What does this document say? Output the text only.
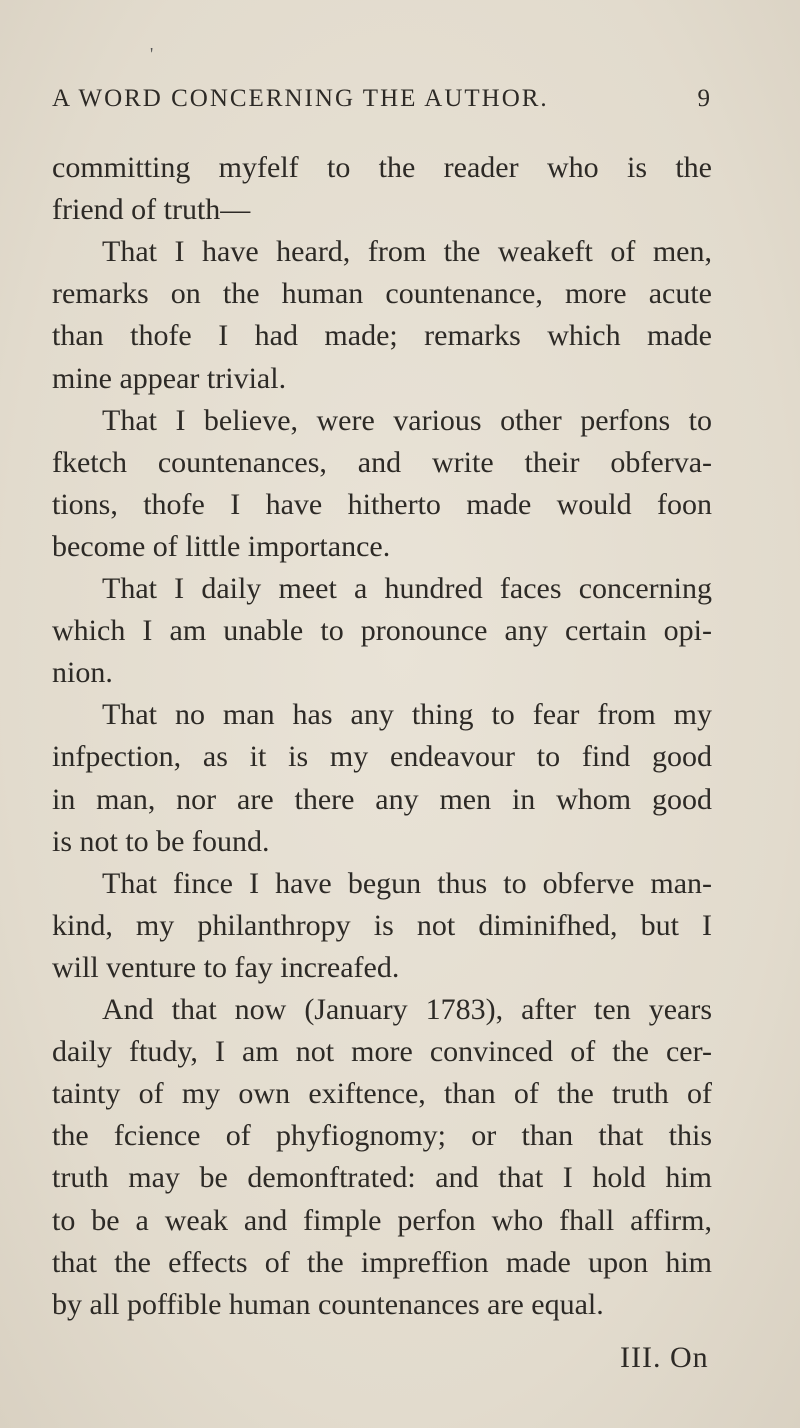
'
A WORD CONCERNING THE AUTHOR.	9
committing myfelf to the reader who is the
friend of truth—
That I have heard, from the weakeft of men,
remarks on the human countenance, more acute
than thofe I had made; remarks which made
mine appear trivial.
That I believe, were various other perfons to
fketch countenances, and write their obferva-
tions, thofe I have hitherto made would foon
become of little importance.
That I daily meet a hundred faces concerning
which I am unable to pronounce any certain opi-
nion.
That no man has any thing to fear from my
infpection, as it is my endeavour to find good
in man, nor are there any men in whom good
is not to be found.
That fince I have begun thus to obferve man-
kind, my philanthropy is not diminifhed, but I
will venture to fay increafed.
And that now (January 1783), after ten years
daily ftudy, I am not more convinced of the cer-
tainty of my own exiftence, than of the truth of
the fcience of phyfiognomy; or than that this
truth may be demonftrated: and that I hold him
to be a weak and fimple perfon who fhall affirm,
that the effects of the impreffion made upon him
by all poffible human countenances are equal.
III. On
